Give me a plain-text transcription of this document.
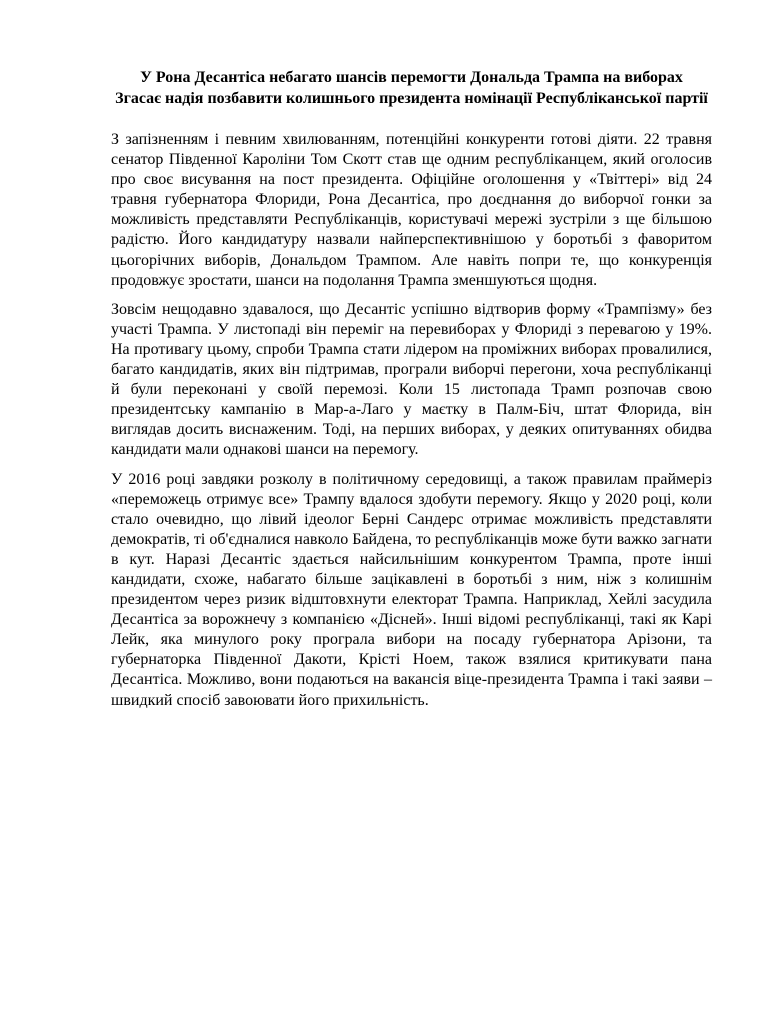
У Рона Десантіса небагато шансів перемогти Дональда Трампа на виборах
Згасає надія позбавити колишнього президента номінації Республіканської партії

З запізненням і певним хвилюванням, потенційні конкуренти готові діяти. 22 травня сенатор Південної Кароліни Том Скотт став ще одним республіканцем, який оголосив про своє висування на пост президента. Офіційне оголошення у «Твіттері» від 24 травня губернатора Флориди, Рона Десантіса, про доєднання до виборчої гонки за можливість представляти Республіканців, користувачі мережі зустріли з ще більшою радістю. Його кандидатуру назвали найперспективнішою у боротьбі з фаворитом цьогорічних виборів, Дональдом Трампом. Але навіть попри те, що конкуренція продовжує зростати, шанси на подолання Трампа зменшуються щодня.

Зовсім нещодавно здавалося, що Десантіс успішно відтворив форму «Трампізму» без участі Трампа. У листопаді він переміг на перевиборах у Флориді з перевагою у 19%. На противагу цьому, спроби Трампа стати лідером на проміжних виборах провалилися, багато кандидатів, яких він підтримав, програли виборчі перегони, хоча республіканці й були переконані у своїй перемозі. Коли 15 листопада Трамп розпочав свою президентську кампанію в Мар-а-Лаго у маєтку в Палм-Біч, штат Флорида, він виглядав досить виснаженим. Тоді, на перших виборах, у деяких опитуваннях обидва кандидати мали однакові шанси на перемогу.

У 2016 році завдяки розколу в політичному середовищі, а також правилам праймеріз «переможець отримує все» Трампу вдалося здобути перемогу. Якщо у 2020 році, коли стало очевидно, що лівий ідеолог Берні Сандерс отримає можливість представляти демократів, ті об'єдналися навколо Байдена, то республіканців може бути важко загнати в кут. Наразі Десантіс здається найсильнішим конкурентом Трампа, проте інші кандидати, схоже, набагато більше зацікавлені в боротьбі з ним, ніж з колишнім президентом через ризик відштовхнути електорат Трампа. Наприклад, Хейлі засудила Десантіса за ворожнечу з компанією «Дісней». Інші відомі республіканці, такі як Карі Лейк, яка минулого року програла вибори на посаду губернатора Арізони, та губернаторка Південної Дакоти, Крісті Ноем, також взялися критикувати пана Десантіса. Можливо, вони подаються на вакансія віце-президента Трампа і такі заяви – швидкий спосіб завоювати його прихильність.
